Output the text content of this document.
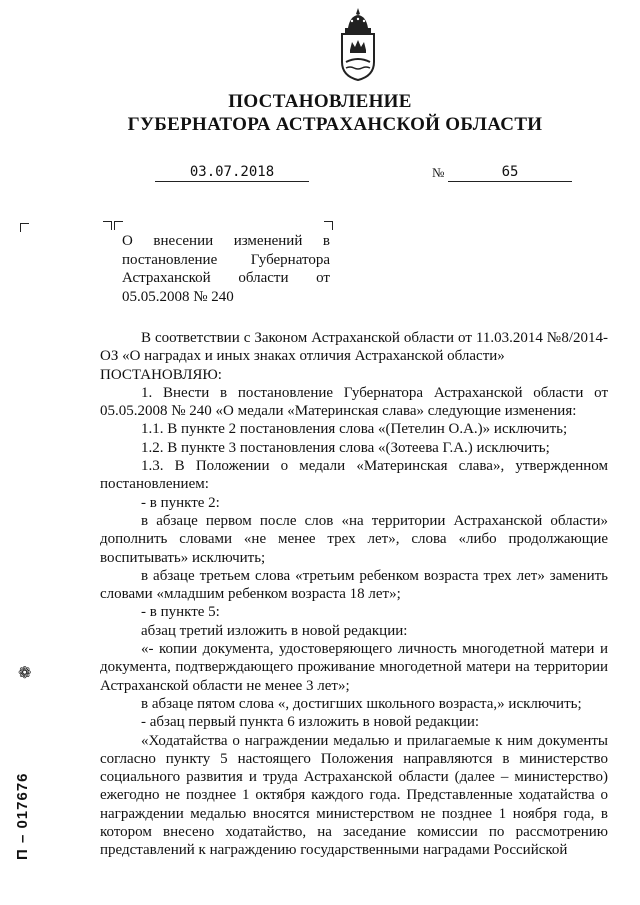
ПОСТАНОВЛЕНИЕ
ГУБЕРНАТОРА АСТРАХАНСКОЙ ОБЛАСТИ
03.07.2018	№	65
О внесении изменений в
постановление Губернатора
Астраханской области от
05.05.2008 № 240

В соответствии с Законом Астраханской области от 11.03.2014 №8/2014-ОЗ «О наградах и иных знаках отличия Астраханской области»

ПОСТАНОВЛЯЮ:

1. Внести в постановление Губернатора Астраханской области от 05.05.2008 № 240 «О медали «Материнская слава» следующие изменения:

1.1. В пункте 2 постановления слова «(Петелин О.А.)» исключить;

1.2. В пункте 3 постановления слова «(Зотеева Г.А.) исключить;

1.3. В Положении о медали «Материнская слава», утвержденном постановлением:

- в пункте 2:

в абзаце первом после слов «на территории Астраханской области» дополнить словами «не менее трех лет», слова «либо продолжающие воспитывать» исключить;

в абзаце третьем слова «третьим ребенком возраста трех лет» заменить словами «младшим ребенком возраста 18 лет»;

- в пункте 5:

абзац третий изложить в новой редакции:

«- копии документа, удостоверяющего личность многодетной матери и документа, подтверждающего проживание многодетной матери на территории Астраханской области не менее 3 лет»;

в абзаце пятом слова «, достигших школьного возраста,» исключить;

- абзац первый пункта 6 изложить в новой редакции:

«Ходатайства о награждении медалью и прилагаемые к ним документы согласно пункту 5 настоящего Положения направляются в министерство социального развития и труда Астраханской области (далее – министерство) ежегодно не позднее 1 октября каждого года. Представленные ходатайства о награждении медалью вносятся министерством не позднее 1 ноября года, в котором внесено ходатайство, на заседание комиссии по рассмотрению представлений к награждению государственными наградами Российской

❁
П – 017676
